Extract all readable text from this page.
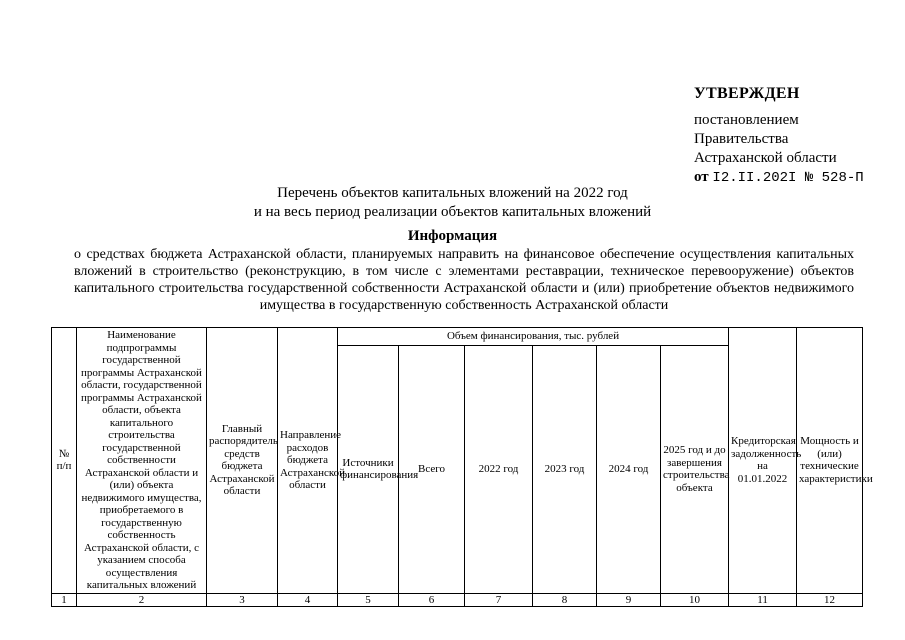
УТВЕРЖДЕН
постановлением
Правительства
Астраханской области
от I2.II.202I № 528-П
Перечень объектов капитальных вложений на 2022 год
и на весь период реализации объектов капитальных вложений
Информация
о средствах бюджета Астраханской области, планируемых направить на финансовое обеспечение осуществления капитальных вложений в строительство (реконструкцию, в том числе с элементами реставрации, техническое перевооружение) объектов капитального строительства государственной собственности Астраханской области и (или) приобретение объектов недвижимого имущества в государственную собственность Астраханской области
№ п/п	Наименование подпрограммы государственной программы Астраханской области, государственной программы Астраханской области, объекта капитального строительства государственной собственности Астраханской области и (или) объекта недвижимого имущества, приобретаемого в государственную собственность Астраханской области, с указанием способа осуществления капитальных вложений	Главный распорядитель средств бюджета Астраханской области	Направление расходов бюджета Астраханской области	Объем финансирования, тыс. рублей						Кредиторская задолженность на 01.01.2022	Мощность и (или) технические характеристики
				Источники финансирования	Всего	2022 год	2023 год	2024 год	2025 год и до завершения строительства объекта		
1	2	3	4	5	6	7	8	9	10	11	12
